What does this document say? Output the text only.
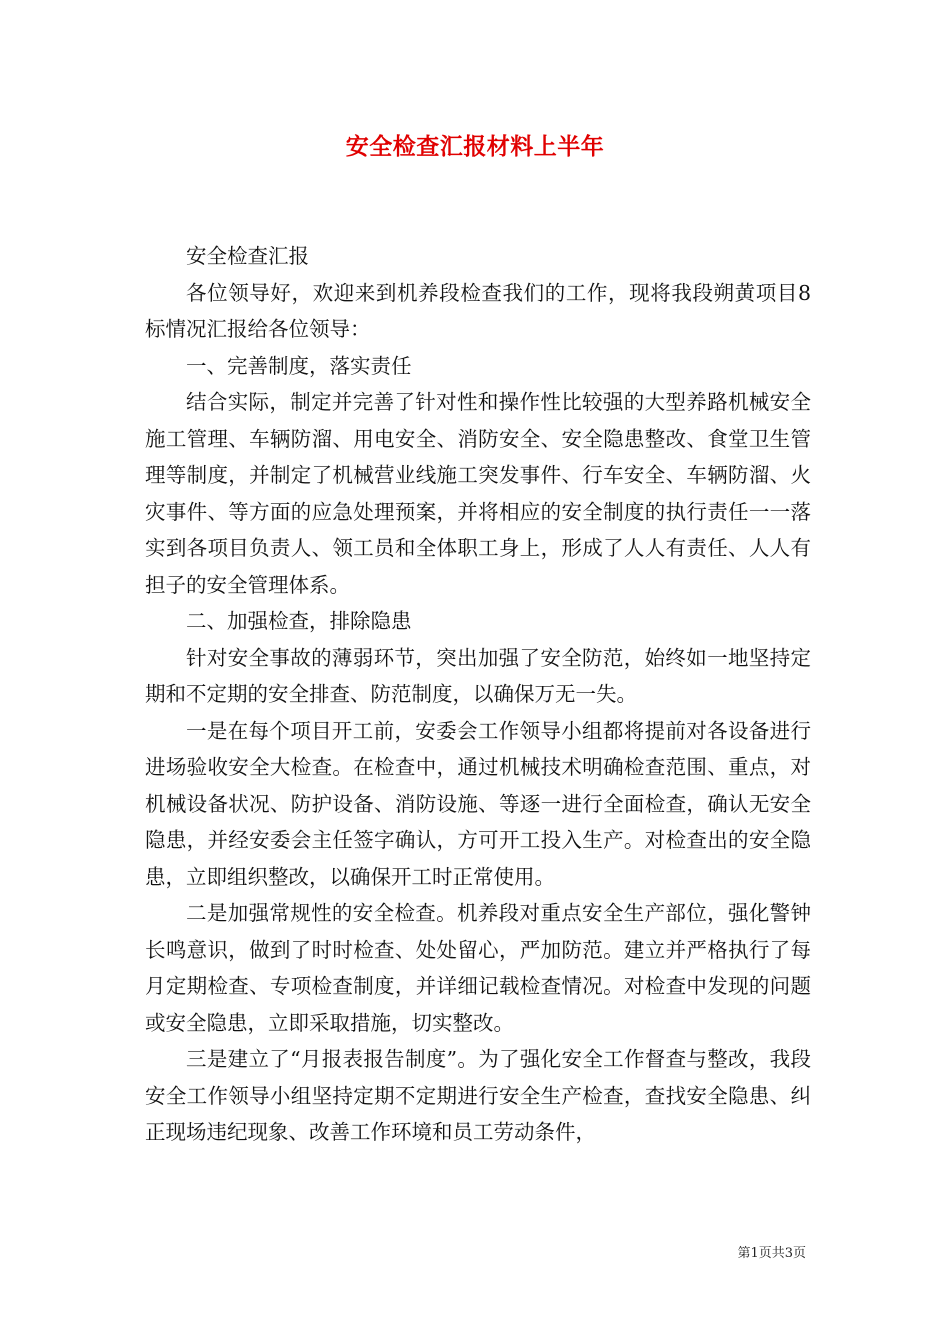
安全检查汇报材料上半年

安全检查汇报

各位领导好，欢迎来到机养段检查我们的工作，现将我段朔黄项目8标情况汇报给各位领导：

一、完善制度，落实责任

结合实际，制定并完善了针对性和操作性比较强的大型养路机械安全施工管理、车辆防溜、用电安全、消防安全、安全隐患整改、食堂卫生管理等制度，并制定了机械营业线施工突发事件、行车安全、车辆防溜、火灾事件、等方面的应急处理预案，并将相应的安全制度的执行责任一一落实到各项目负责人、领工员和全体职工身上，形成了人人有责任、人人有担子的安全管理体系。

二、加强检查，排除隐患

针对安全事故的薄弱环节，突出加强了安全防范，始终如一地坚持定期和不定期的安全排查、防范制度，以确保万无一失。

一是在每个项目开工前，安委会工作领导小组都将提前对各设备进行进场验收安全大检查。在检查中，通过机械技术明确检查范围、重点，对机械设备状况、防护设备、消防设施、等逐一进行全面检查，确认无安全隐患，并经安委会主任签字确认，方可开工投入生产。对检查出的安全隐患，立即组织整改，以确保开工时正常使用。

二是加强常规性的安全检查。机养段对重点安全生产部位，强化警钟长鸣意识，做到了时时检查、处处留心，严加防范。建立并严格执行了每月定期检查、专项检查制度，并详细记载检查情况。对检查中发现的问题或安全隐患，立即采取措施，切实整改。

三是建立了“月报表报告制度”。为了强化安全工作督查与整改，我段安全工作领导小组坚持定期不定期进行安全生产检查，查找安全隐患、纠正现场违纪现象、改善工作环境和员工劳动条件，

第1页共3页
